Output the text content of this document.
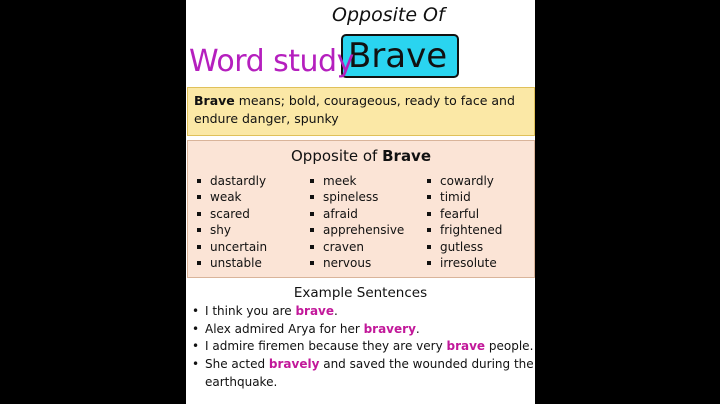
Opposite Of
Brave
Word study
Brave means; bold, courageous, ready to face and endure danger, spunky
Opposite of Brave
dastardly
weak
scared
shy
uncertain
unstable
meek
spineless
afraid
apprehensive
craven
nervous
cowardly
timid
fearful
frightened
gutless
irresolute
Example Sentences
• I think you are brave.
• Alex admired Arya for her bravery.
• I admire firemen because they are very brave people.
• She acted bravely and saved the wounded during the earthquake.
